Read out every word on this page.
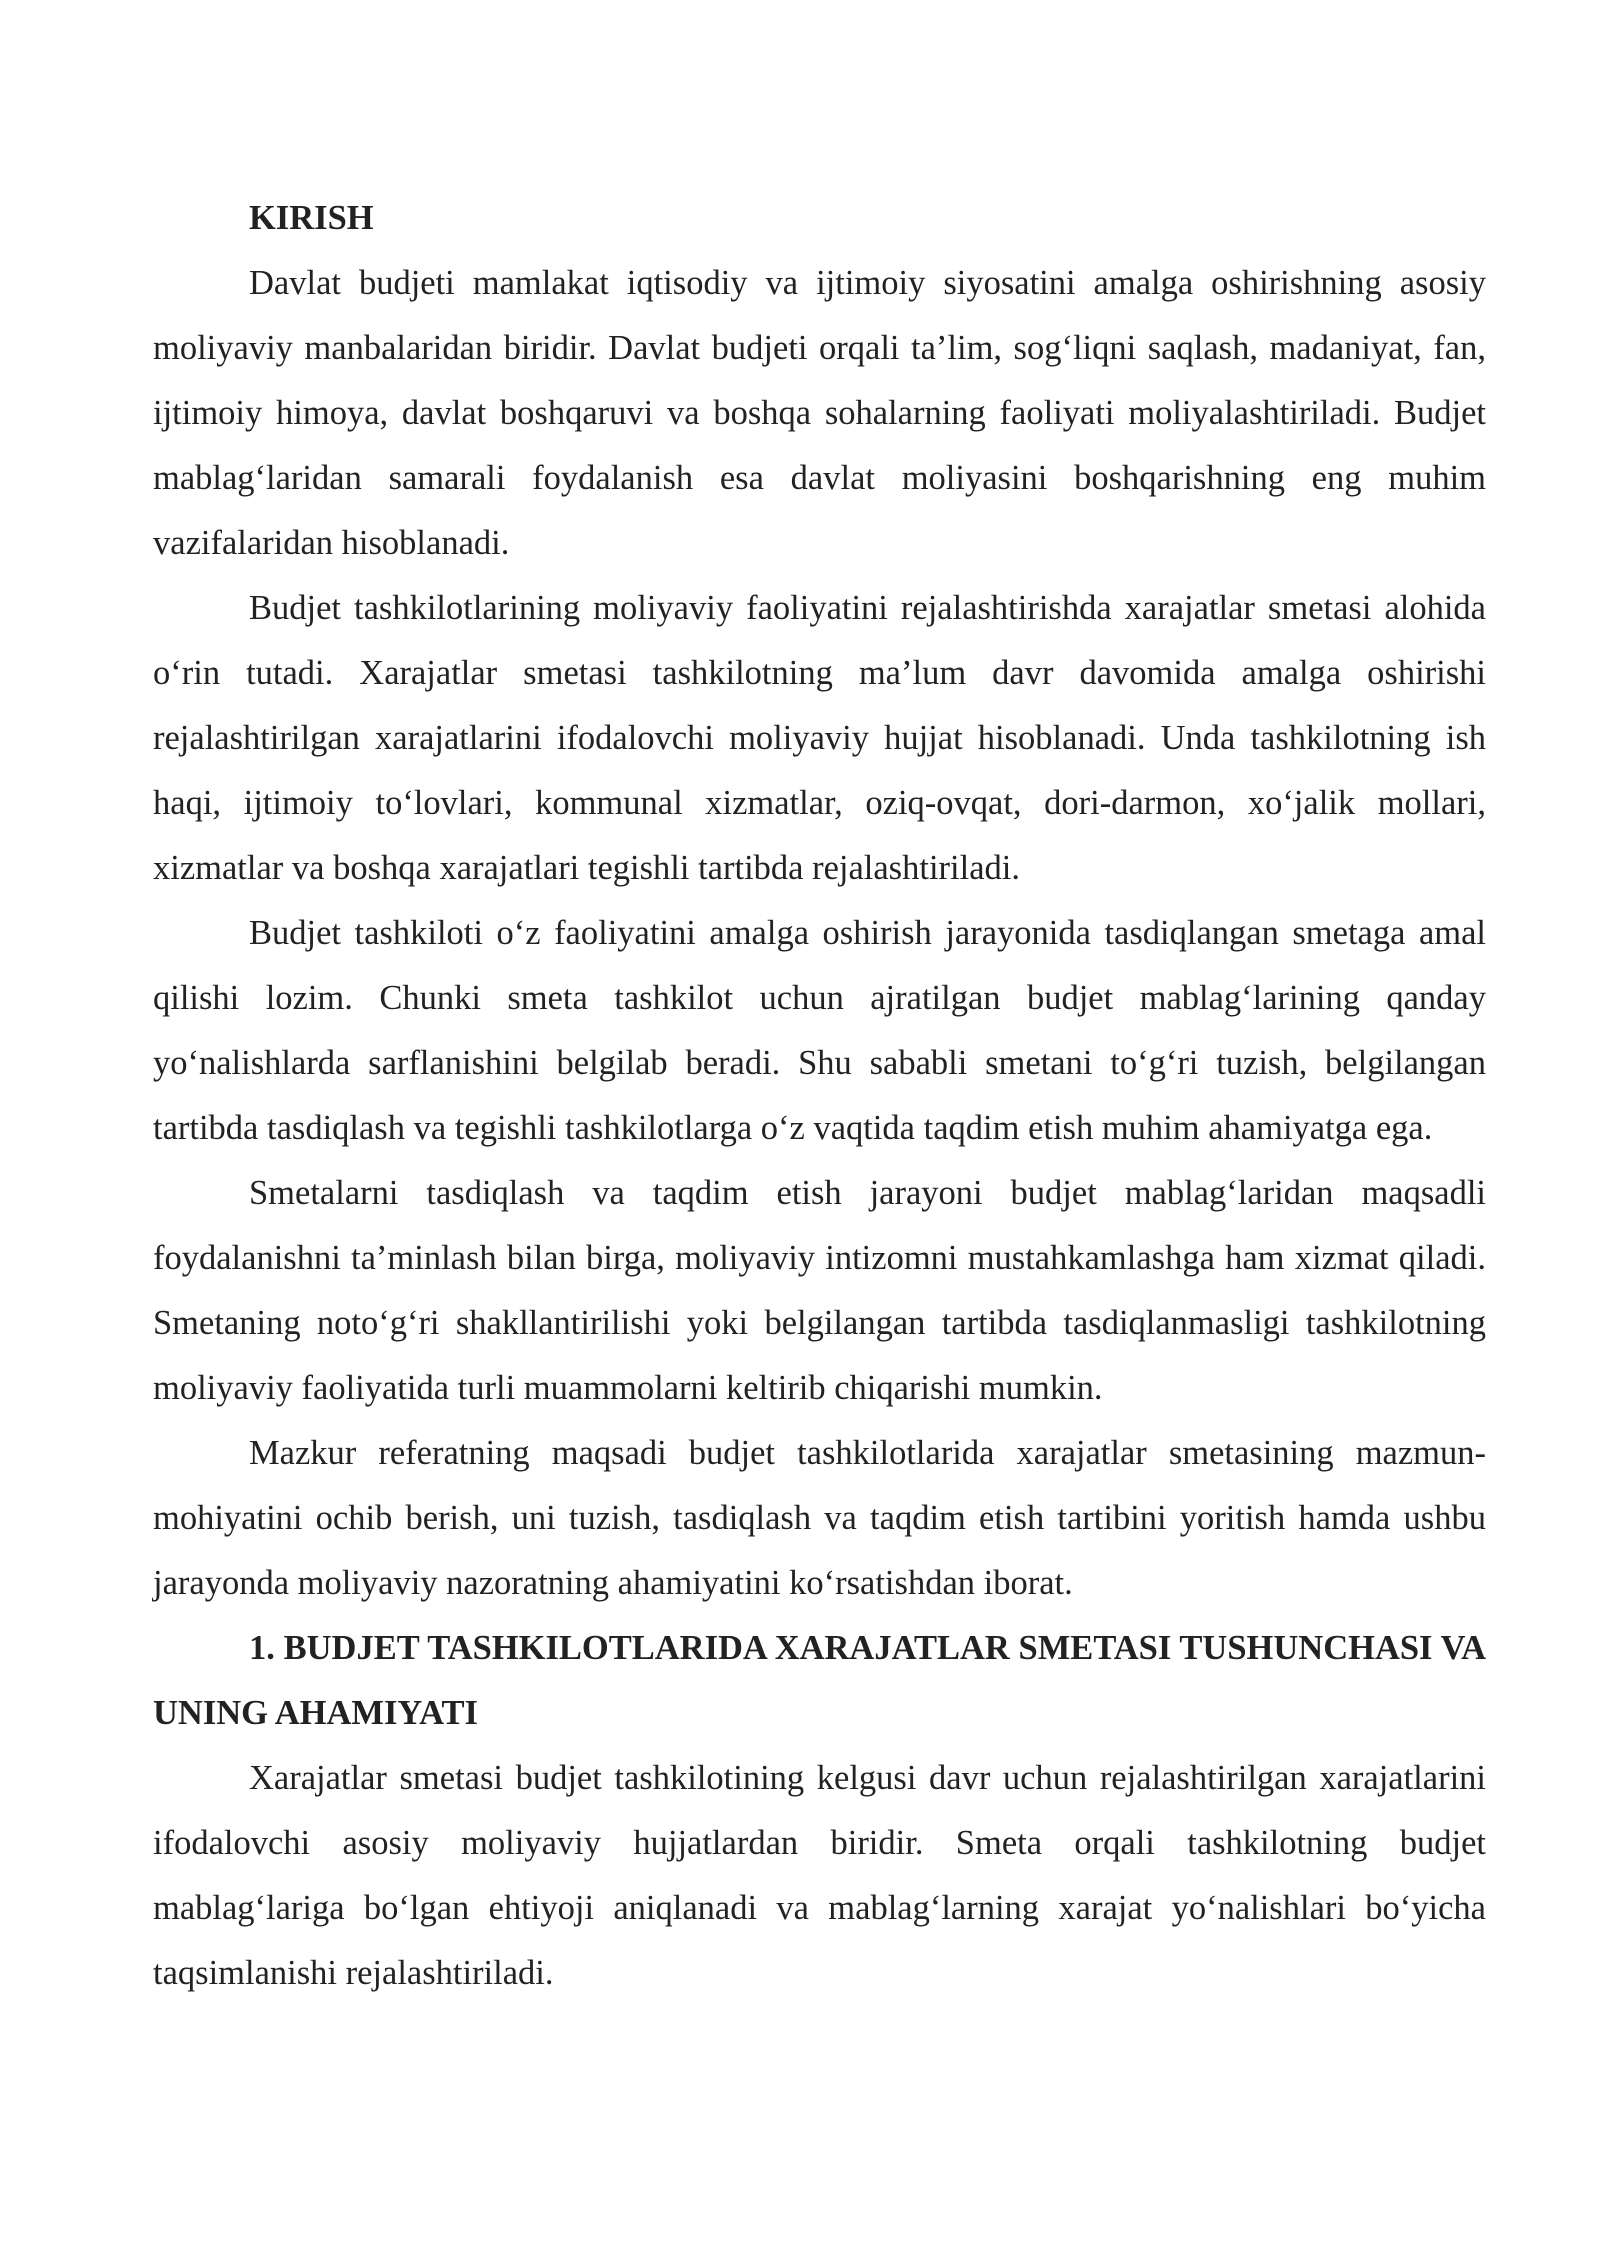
KIRISH

Davlat budjeti mamlakat iqtisodiy va ijtimoiy siyosatini amalga oshirishning asosiy moliyaviy manbalaridan biridir. Davlat budjeti orqali ta’lim, sog‘liqni saqlash, madaniyat, fan, ijtimoiy himoya, davlat boshqaruvi va boshqa sohalarning faoliyati moliyalashtiriladi. Budjet mablag‘laridan samarali foydalanish esa davlat moliyasini boshqarishning eng muhim vazifalaridan hisoblanadi.

Budjet tashkilotlarining moliyaviy faoliyatini rejalashtirishda xarajatlar smetasi alohida o‘rin tutadi. Xarajatlar smetasi tashkilotning ma’lum davr davomida amalga oshirishi rejalashtirilgan xarajatlarini ifodalovchi moliyaviy hujjat hisoblanadi. Unda tashkilotning ish haqi, ijtimoiy to‘lovlari, kommunal xizmatlar, oziq-ovqat, dori-darmon, xo‘jalik mollari, xizmatlar va boshqa xarajatlari tegishli tartibda rejalashtiriladi.

Budjet tashkiloti o‘z faoliyatini amalga oshirish jarayonida tasdiqlangan smetaga amal qilishi lozim. Chunki smeta tashkilot uchun ajratilgan budjet mablag‘larining qanday yo‘nalishlarda sarflanishini belgilab beradi. Shu sababli smetani to‘g‘ri tuzish, belgilangan tartibda tasdiqlash va tegishli tashkilotlarga o‘z vaqtida taqdim etish muhim ahamiyatga ega.

Smetalarni tasdiqlash va taqdim etish jarayoni budjet mablag‘laridan maqsadli foydalanishni ta’minlash bilan birga, moliyaviy intizomni mustahkamlashga ham xizmat qiladi. Smetaning noto‘g‘ri shakllantirilishi yoki belgilangan tartibda tasdiqlanmasligi tashkilotning moliyaviy faoliyatida turli muammolarni keltirib chiqarishi mumkin.

Mazkur referatning maqsadi budjet tashkilotlarida xarajatlar smetasining mazmun-mohiyatini ochib berish, uni tuzish, tasdiqlash va taqdim etish tartibini yoritish hamda ushbu jarayonda moliyaviy nazoratning ahamiyatini ko‘rsatishdan iborat.

1. BUDJET TASHKILOTLARIDA XARAJATLAR SMETASI TUSHUNCHASI VA UNING AHAMIYATI

Xarajatlar smetasi budjet tashkilotining kelgusi davr uchun rejalashtirilgan xarajatlarini ifodalovchi asosiy moliyaviy hujjatlardan biridir. Smeta orqali tashkilotning budjet mablag‘lariga bo‘lgan ehtiyoji aniqlanadi va mablag‘larning xarajat yo‘nalishlari bo‘yicha taqsimlanishi rejalashtiriladi.
